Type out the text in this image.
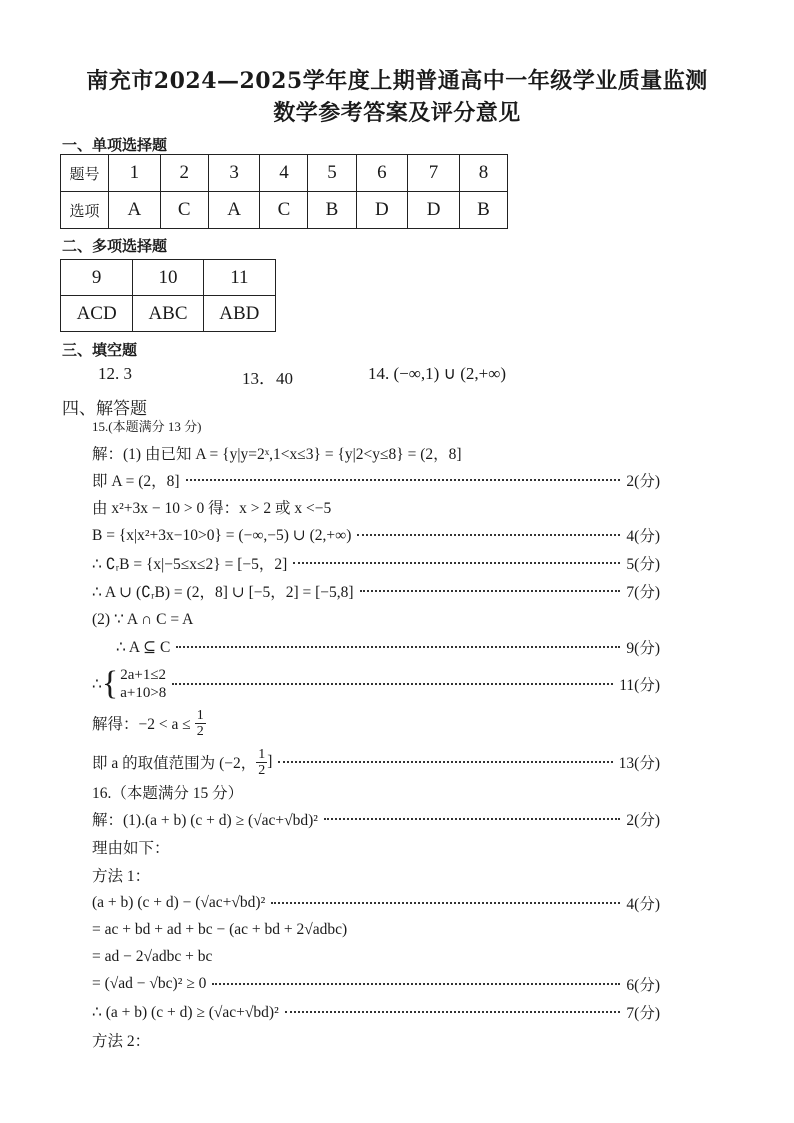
南充市2024—2025学年度上期普通高中一年级学业质量监测
数学参考答案及评分意见
一、单项选择题
题号	1	2	3	4	5	6	7	8
选项	A	C	A	C	B	D	D	B
二、多项选择题
9	10	11
ACD	ABC	ABD
三、填空题
12. 3	13．40	14. (−∞,1) ∪ (2,+∞)
四、解答题
15.(本题满分 13 分)
解：(1) 由已知 A = {y|y=2ˣ,1<x≤3} = {y|2<y≤8} = (2，8]
即 A = (2，8]	2(分)
由 x²+3x − 10 > 0 得：x > 2 或 x <−5
B = {x|x²+3x−10>0} = (−∞,−5) ∪ (2,+∞)	4(分)
∴ ∁ᵣB = {x|−5≤x≤2} = [−5，2]	5(分)
∴ A ∪ (∁ᵣB) = (2，8] ∪ [−5，2] = [−5,8]	7(分)
(2) ∵ A ∩ C = A
∴ A ⊆ C	9(分)
∴ { 2a+1≤2
a+10>8	11(分)
解得：$-2 < a \le \frac{1}{2}$
即 a 的取值范围为 (−2， $\frac{1}{2}$ ]	13(分)
16.（本题满分 15 分）
解：(1).(a + b) (c + d) ≥ (√ac+√bd)²	2(分)
理由如下：
方法 1：
(a + b) (c + d) − (√ac+√bd)²	4(分)
= ac + bd + ad + bc − (ac + bd + 2√adbc)
= ad − 2√adbc + bc
= (√ad − √bc)² ≥ 0	6(分)
∴ (a + b) (c + d) ≥ (√ac+√bd)²	7(分)
方法 2：
